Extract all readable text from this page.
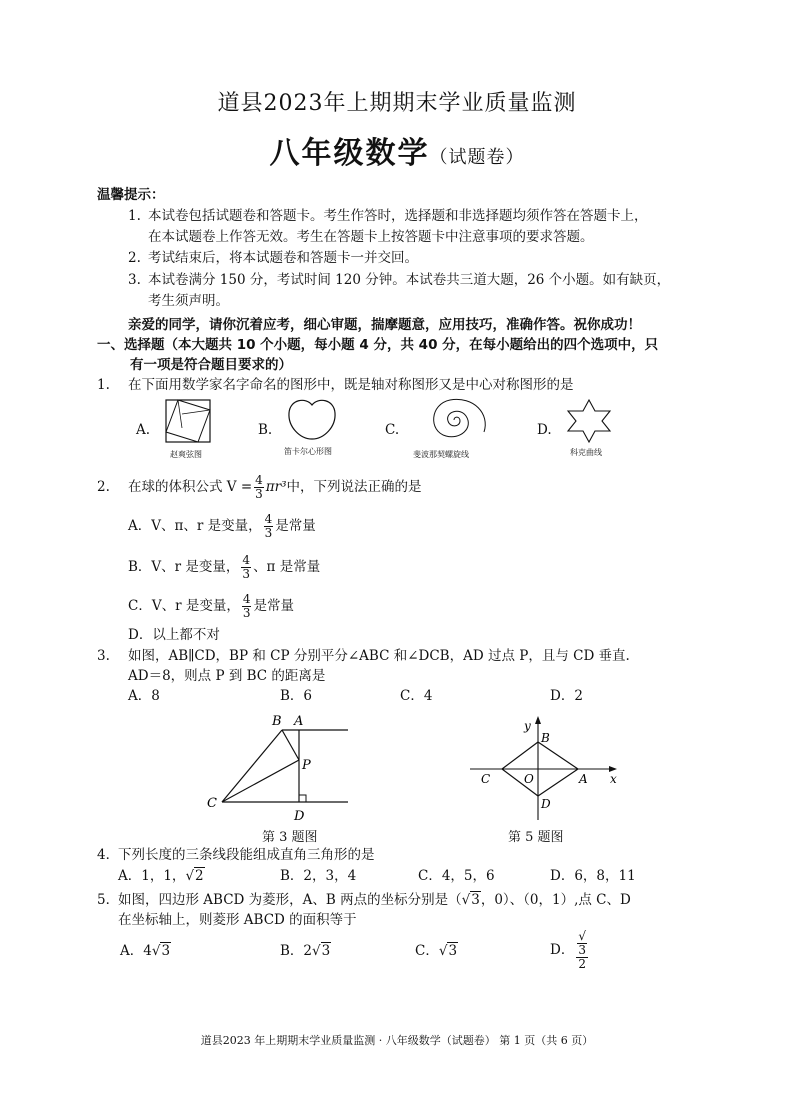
道县2023年上期期末学业质量监测
八年级数学（试题卷）
温馨提示：
1. 本试卷包括试题卷和答题卡。考生作答时，选择题和非选择题均须作答在答题卡上，
在本试题卷上作答无效。考生在答题卡上按答题卡中注意事项的要求答题。
2. 考试结束后，将本试题卷和答题卡一并交回。
3. 本试卷满分 150 分，考试时间 120 分钟。本试卷共三道大题，26 个小题。如有缺页，
考生须声明。
亲爱的同学，请你沉着应考，细心审题，揣摩题意，应用技巧，准确作答。祝你成功！
一、选择题（本大题共 10 个小题，每小题 4 分，共 40 分，在每小题给出的四个选项中，只
有一项是符合题目要求的）
1. 在下面用数学家名字命名的图形中，既是轴对称图形又是中心对称图形的是
A.
赵爽弦图
B.
笛卡尔心形图
C.
斐波那契螺旋线
D.
科克曲线
2. 在球的体积公式 $V = \frac{4}{3} \pi r^3$中，下列说法正确的是
A．V、π、r 是变量， $\frac{4}{3}$ 是常量
B．V、r 是变量， $\frac{4}{3}$ 、π 是常量
C．V、r 是变量， $\frac{4}{3}$ 是常量
D．以上都不对
3. 如图，AB∥CD，BP 和 CP 分别平分∠ABC 和∠DCB，AD 过点 P，且与 CD 垂直.
AD＝8，则点 P 到 BC 的距离是
A．8	B．6	C．4	D．2
B A
P
C
D
第 3 题图
y
x
B
A
C	O
D
第 5 题图
4．
下列长度的三条线段能组成直角三角形的是
A．1，1，√2	B．2，3，4	C．4，5，6	D．6，8，11
5．
如图，四边形 ABCD 为菱形，A、B 两点的坐标分别是（√3，0）、（0，1）,点 C、D
在坐标轴上，则菱形 ABCD 的面积等于
A．4√3	B．2√3	C．√3	D． √
3
2
道县2023 年上期期末学业质量监测 · 八年级数学（试题卷） 第 1 页（共 6 页）
